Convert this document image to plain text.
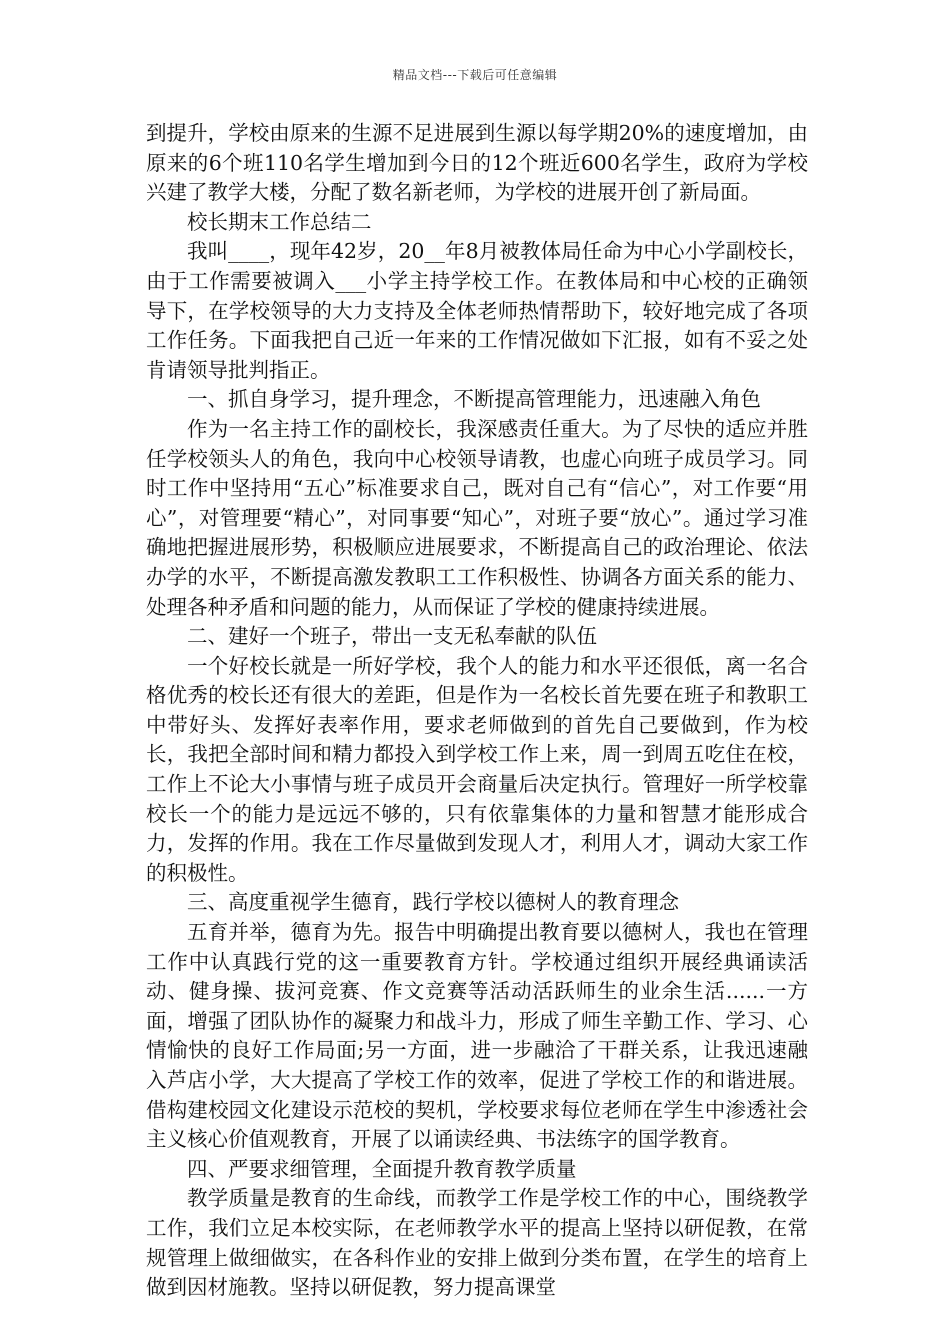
精品文档---下载后可任意编辑

到提升，学校由原来的生源不足进展到生源以每学期20%的速度增加，由原来的6个班110名学生增加到今日的12个班近600名学生，政府为学校兴建了教学大楼，分配了数名新老师，为学校的进展开创了新局面。

校长期末工作总结二

我叫____，现年42岁，20__年8月被教体局任命为中心小学副校长，由于工作需要被调入___小学主持学校工作。在教体局和中心校的正确领导下，在学校领导的大力支持及全体老师热情帮助下，较好地完成了各项工作任务。下面我把自己近一年来的工作情况做如下汇报，如有不妥之处肯请领导批判指正。

一、抓自身学习，提升理念，不断提高管理能力，迅速融入角色

作为一名主持工作的副校长，我深感责任重大。为了尽快的适应并胜任学校领头人的角色，我向中心校领导请教，也虚心向班子成员学习。同时工作中坚持用“五心”标准要求自己，既对自己有“信心”，对工作要“用心”，对管理要“精心”，对同事要“知心”，对班子要“放心”。通过学习准确地把握进展形势，积极顺应进展要求，不断提高自己的政治理论、依法办学的水平，不断提高激发教职工工作积极性、协调各方面关系的能力、处理各种矛盾和问题的能力，从而保证了学校的健康持续进展。

二、建好一个班子，带出一支无私奉献的队伍

一个好校长就是一所好学校，我个人的能力和水平还很低，离一名合格优秀的校长还有很大的差距，但是作为一名校长首先要在班子和教职工中带好头、发挥好表率作用，要求老师做到的首先自己要做到，作为校长，我把全部时间和精力都投入到学校工作上来，周一到周五吃住在校，工作上不论大小事情与班子成员开会商量后决定执行。管理好一所学校靠校长一个的能力是远远不够的，只有依靠集体的力量和智慧才能形成合力，发挥的作用。我在工作尽量做到发现人才，利用人才，调动大家工作的积极性。

三、高度重视学生德育，践行学校以德树人的教育理念

五育并举，德育为先。报告中明确提出教育要以德树人，我也在管理工作中认真践行党的这一重要教育方针。学校通过组织开展经典诵读活动、健身操、拔河竞赛、作文竞赛等活动活跃师生的业余生活......一方面，增强了团队协作的凝聚力和战斗力，形成了师生辛勤工作、学习、心情愉快的良好工作局面;另一方面，进一步融洽了干群关系，让我迅速融入芦店小学，大大提高了学校工作的效率，促进了学校工作的和谐进展。借构建校园文化建设示范校的契机，学校要求每位老师在学生中渗透社会主义核心价值观教育，开展了以诵读经典、书法练字的国学教育。

四、严要求细管理，全面提升教育教学质量

教学质量是教育的生命线，而教学工作是学校工作的中心，围绕教学工作，我们立足本校实际，在老师教学水平的提高上坚持以研促教，在常规管理上做细做实，在各科作业的安排上做到分类布置，在学生的培育上做到因材施教。坚持以研促教，努力提高课堂
